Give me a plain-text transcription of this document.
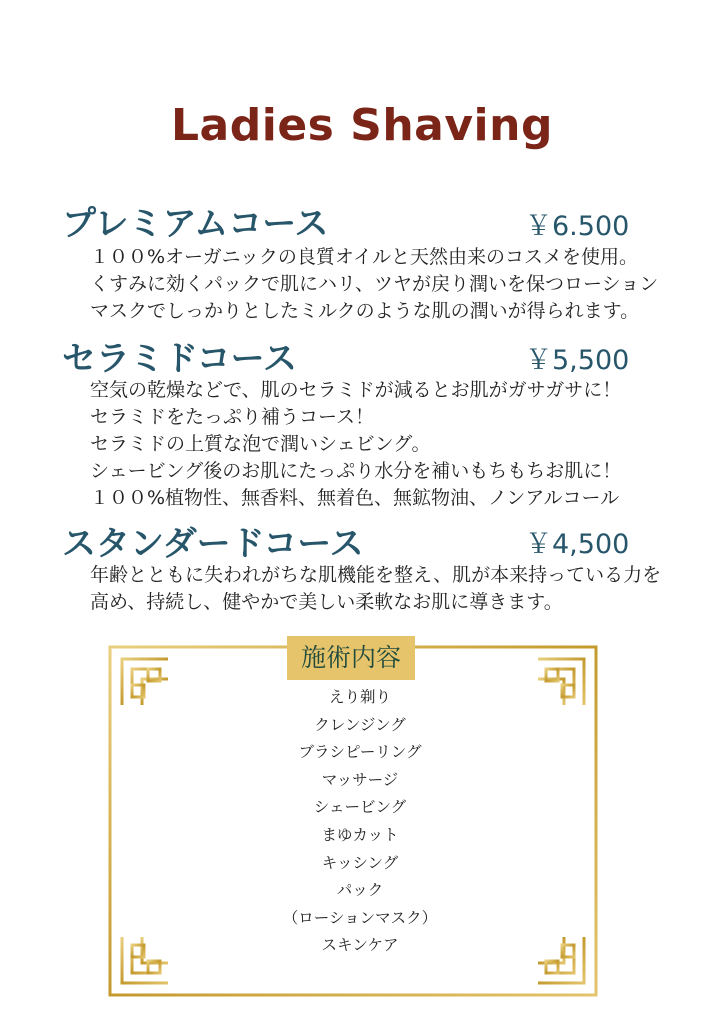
Ladies Shaving
プレミアムコース	￥6.500
１００%オーガニックの良質オイルと天然由来のコスメを使用。
くすみに効くパックで肌にハリ、ツヤが戻り潤いを保つローション
マスクでしっかりとしたミルクのような肌の潤いが得られます。
セラミドコース	￥5,500
空気の乾燥などで、肌のセラミドが減るとお肌がガサガサに！
セラミドをたっぷり補うコース！
セラミドの上質な泡で潤いシェビング。
シェービング後のお肌にたっぷり水分を補いもちもちお肌に！
１００%植物性、無香料、無着色、無鉱物油、ノンアルコール
スタンダードコース	￥4,500
年齢とともに失われがちな肌機能を整え、肌が本来持っている力を
高め、持続し、健やかで美しい柔軟なお肌に導きます。
施術内容
えり剃り
クレンジング
ブラシピーリング
マッサージ
シェービング
まゆカット
キッシング
パック
（ローションマスク）
スキンケア
